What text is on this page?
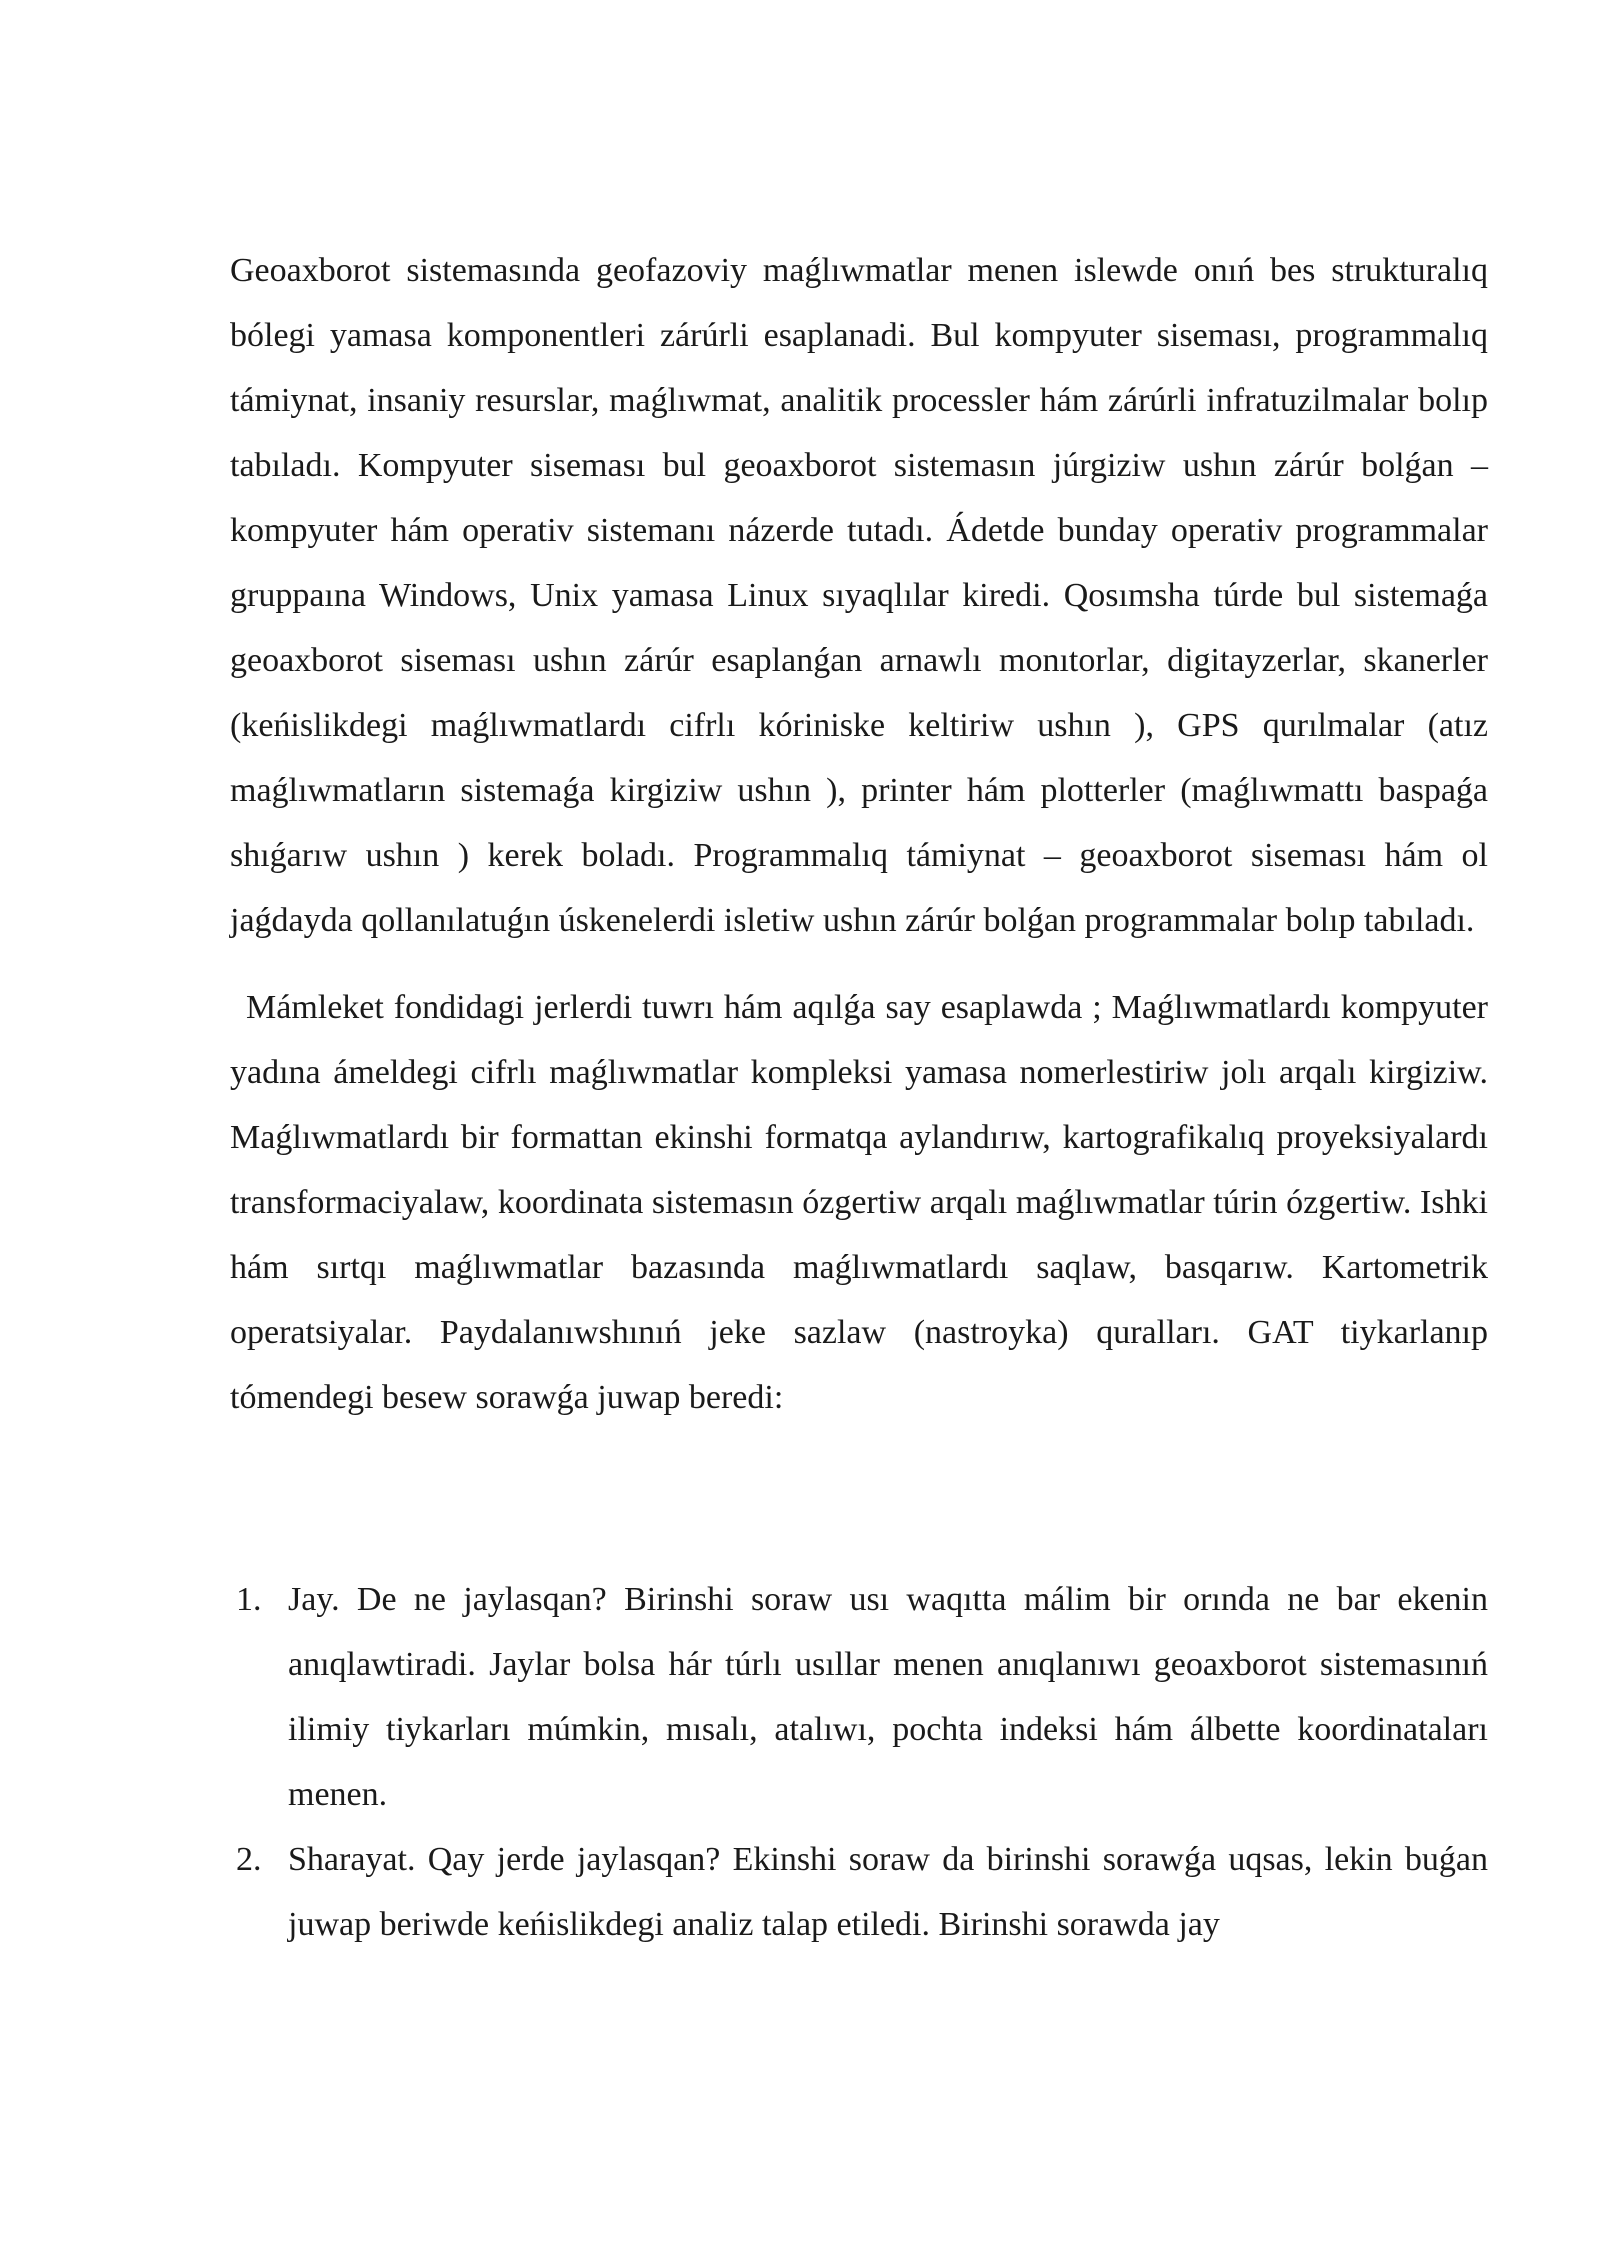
Geoaxborot sistemasında geofazoviy maǵlıwmatlar menen islewde onıń bes strukturalıq bólegi yamasa komponentleri zárúrli esaplanadi. Bul kompyuter siseması, programmalıq támiynat, insaniy resurslar, maǵlıwmat, analitik processler hám zárúrli infratuzilmalar bolıp tabıladı. Kompyuter siseması bul geoaxborot sistemasın júrgiziw ushın zárúr bolǵan – kompyuter hám operativ sistemanı názerde tutadı. Ádetde bunday operativ programmalar gruppaına Windows, Unix yamasa Linux sıyaqlılar kiredi. Qosımsha túrde bul sistemaǵa geoaxborot siseması ushın zárúr esaplanǵan arnawlı monıtorlar, digitayzerlar, skanerler (keńislikdegi maǵlıwmatlardı cifrlı kóriniske keltiriw ushın ), GPS qurılmalar (atız maǵlıwmatların sistemaǵa kirgiziw ushın ), printer hám plotterler (maǵlıwmattı baspaǵa shıǵarıw ushın ) kerek boladı. Programmalıq támiynat – geoaxborot siseması hám ol jaǵdayda qollanılatuǵın úskenelerdi isletiw ushın zárúr bolǵan programmalar bolıp tabıladı.

Mámleket fondidagi jerlerdi tuwrı hám aqılǵa say esaplawda ; Maǵlıwmatlardı kompyuter yadına ámeldegi cifrlı maǵlıwmatlar kompleksi yamasa nomerlestiriw jolı arqalı kirgiziw. Maǵlıwmatlardı bir formattan ekinshi formatqa aylandırıw, kartografikalıq proyeksiyalardı transformaciyalaw, koordinata sistemasın ózgertiw arqalı maǵlıwmatlar túrin ózgertiw. Ishki hám sırtqı maǵlıwmatlar bazasında maǵlıwmatlardı saqlaw, basqarıw. Kartometrik operatsiyalar. Paydalanıwshınıń jeke sazlaw (nastroyka) quralları. GAT tiykarlanıp tómendegi besew sorawǵa juwap beredi:

1. Jay. De ne jaylasqan? Birinshi soraw usı waqıtta málim bir orında ne bar ekenin anıqlawtiradi. Jaylar bolsa hár túrlı usıllar menen anıqlanıwı geoaxborot sistemasınıń ilimiy tiykarları múmkin, mısalı, atalıwı, pochta indeksi hám álbette koordinataları menen.
2. Sharayat. Qay jerde jaylasqan? Ekinshi soraw da birinshi sorawǵa uqsas, lekin buǵan juwap beriwde keńislikdegi analiz talap etiledi. Birinshi sorawda jay
